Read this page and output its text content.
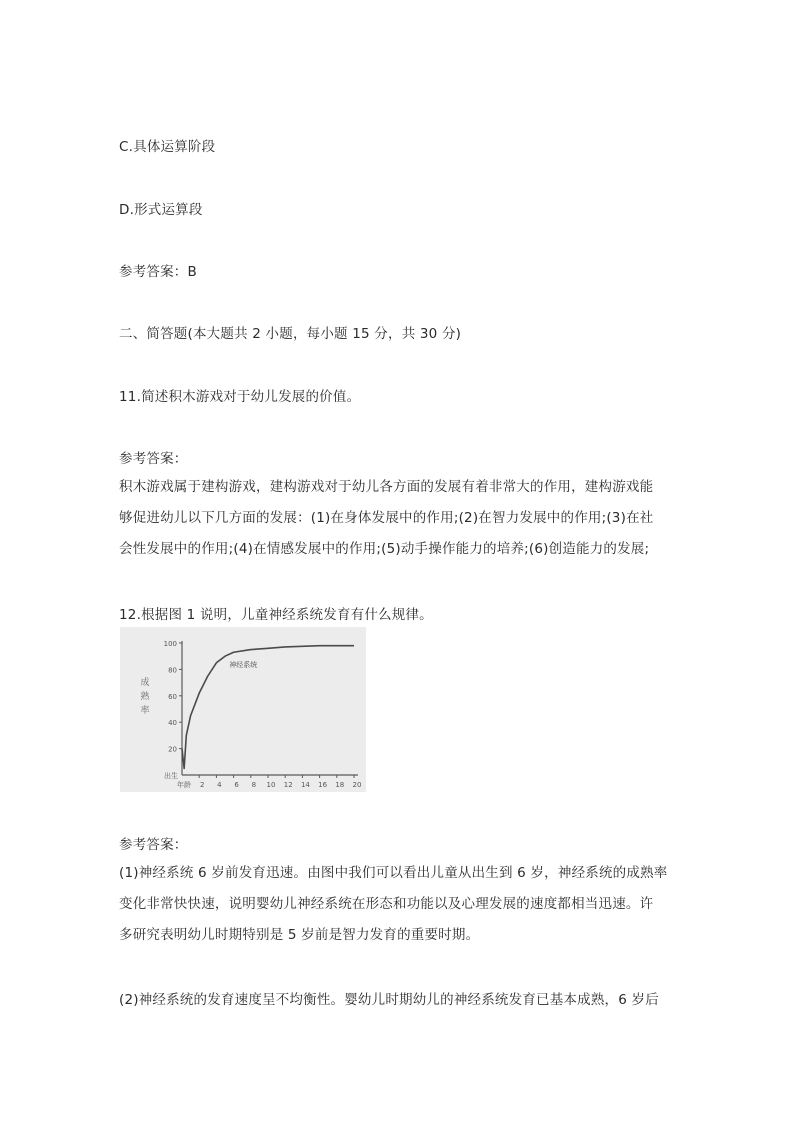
C.具体运算阶段
D.形式运算段
参考答案：B
二、简答题(本大题共 2 小题，每小题 15 分，共 30 分)
11.简述积木游戏对于幼儿发展的价值。
参考答案：
积木游戏属于建构游戏，建构游戏对于幼儿各方面的发展有着非常大的作用，建构游戏能
够促进幼儿以下几方面的发展：(1)在身体发展中的作用;(2)在智力发展中的作用;(3)在社
会性发展中的作用;(4)在情感发展中的作用;(5)动手操作能力的培养;(6)创造能力的发展;
12.根据图 1 说明，儿童神经系统发育有什么规律。
20
40
60
80
100
出生
年龄 2 4 6 8 10 12 14 16 18 20
成
熟
率
神经系统
参考答案：
(1)神经系统 6 岁前发育迅速。由图中我们可以看出儿童从出生到 6 岁，神经系统的成熟率
变化非常快快速，说明婴幼儿神经系统在形态和功能以及心理发展的速度都相当迅速。许
多研究表明幼儿时期特别是 5 岁前是智力发育的重要时期。
(2)神经系统的发育速度呈不均衡性。婴幼儿时期幼儿的神经系统发育已基本成熟，6 岁后
